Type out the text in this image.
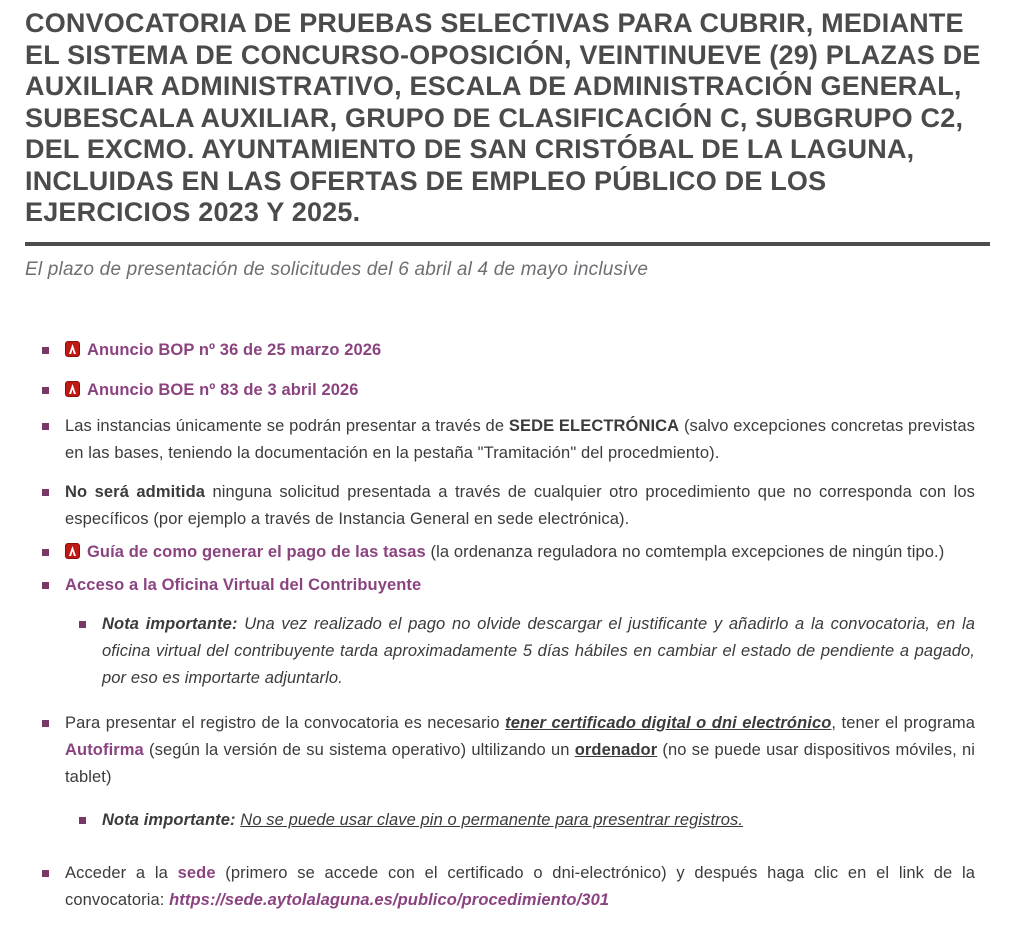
CONVOCATORIA DE PRUEBAS SELECTIVAS PARA CUBRIR, MEDIANTE EL SISTEMA DE CONCURSO-OPOSICIÓN, VEINTINUEVE (29) PLAZAS DE AUXILIAR ADMINISTRATIVO, ESCALA DE ADMINISTRACIÓN GENERAL, SUBESCALA AUXILIAR, GRUPO DE CLASIFICACIÓN C, SUBGRUPO C2, DEL EXCMO. AYUNTAMIENTO DE SAN CRISTÓBAL DE LA LAGUNA, INCLUIDAS EN LAS OFERTAS DE EMPLEO PÚBLICO DE LOS EJERCICIOS 2023 Y 2025.

El plazo de presentación de solicitudes del 6 abril al 4 de mayo inclusive

Anuncio BOP nº 36 de 25 marzo 2026
Anuncio BOE nº 83 de 3 abril 2026
Las instancias únicamente se podrán presentar a través de SEDE ELECTRÓNICA (salvo excepciones concretas previstas en las bases, teniendo la documentación en la pestaña "Tramitación" del procedmiento).
No será admitida ninguna solicitud presentada a través de cualquier otro procedimiento que no corresponda con los específicos (por ejemplo a través de Instancia General en sede electrónica).
Guía de como generar el pago de las tasas (la ordenanza reguladora no comtempla excepciones de ningún tipo.)
Acceso a la Oficina Virtual del Contribuyente
Nota importante: Una vez realizado el pago no olvide descargar el justificante y añadirlo a la convocatoria, en la oficina virtual del contribuyente tarda aproximadamente 5 días hábiles en cambiar el estado de pendiente a pagado, por eso es importarte adjuntarlo.
Para presentar el registro de la convocatoria es necesario tener certificado digital o dni electrónico, tener el programa Autofirma (según la versión de su sistema operativo) ultilizando un ordenador (no se puede usar dispositivos móviles, ni tablet)
Nota importante: No se puede usar clave pin o permanente para presentrar registros.
Acceder a la sede (primero se accede con el certificado o dni-electrónico) y después haga clic en el link de la convocatoria: https://sede.aytolalaguna.es/publico/procedimiento/301
